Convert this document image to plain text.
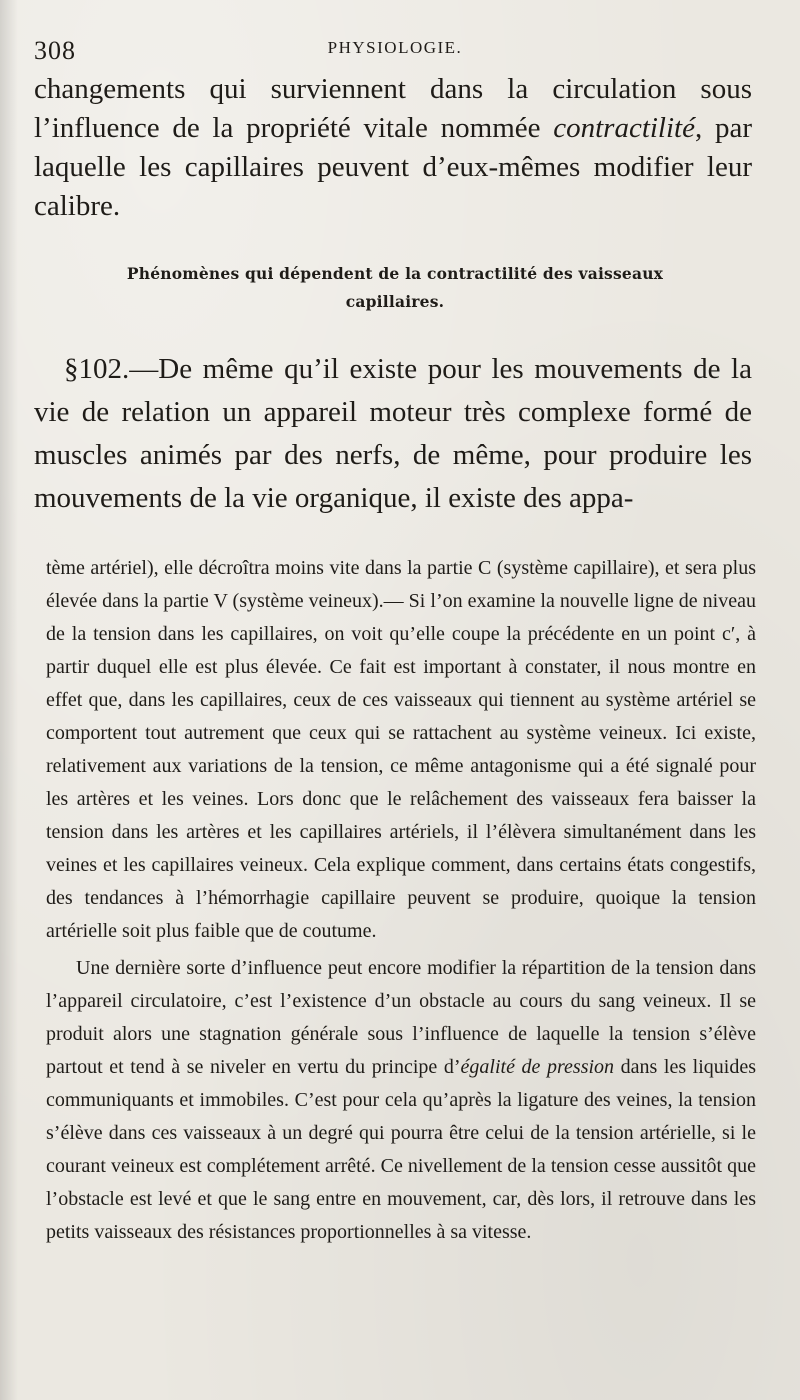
308	PHYSIOLOGIE.

changements qui surviennent dans la circulation sous l’influence de la propriété vitale nommée contractilité, par laquelle les capillaires peuvent d’eux-mêmes modifier leur calibre.

Phénomènes qui dépendent de la contractilité des vaisseaux
capillaires.

§102.—De même qu’il existe pour les mouvements de la vie de relation un appareil moteur très complexe formé de muscles animés par des nerfs, de même, pour produire les mouvements de la vie organique, il existe des appa-

tème artériel), elle décroîtra moins vite dans la partie C (système capillaire), et sera plus élevée dans la partie V (système veineux).— Si l’on examine la nouvelle ligne de niveau de la tension dans les capillaires, on voit qu’elle coupe la précédente en un point c′, à partir duquel elle est plus élevée. Ce fait est important à constater, il nous montre en effet que, dans les capillaires, ceux de ces vaisseaux qui tiennent au système artériel se comportent tout autrement que ceux qui se rattachent au système veineux. Ici existe, relativement aux variations de la tension, ce même antagonisme qui a été signalé pour les artères et les veines. Lors donc que le relâchement des vaisseaux fera baisser la tension dans les artères et les capillaires artériels, il l’élèvera simultanément dans les veines et les capillaires veineux. Cela explique comment, dans certains états congestifs, des tendances à l’hémorrhagie capillaire peuvent se produire, quoique la tension artérielle soit plus faible que de coutume.

Une dernière sorte d’influence peut encore modifier la répartition de la tension dans l’appareil circulatoire, c’est l’existence d’un obstacle au cours du sang veineux. Il se produit alors une stagnation générale sous l’influence de laquelle la tension s’élève partout et tend à se niveler en vertu du principe d’égalité de pression dans les liquides communiquants et immobiles. C’est pour cela qu’après la ligature des veines, la tension s’élève dans ces vaisseaux à un degré qui pourra être celui de la tension artérielle, si le courant veineux est complétement arrêté. Ce nivellement de la tension cesse aussitôt que l’obstacle est levé et que le sang entre en mouvement, car, dès lors, il retrouve dans les petits vaisseaux des résistances proportionnelles à sa vitesse.
